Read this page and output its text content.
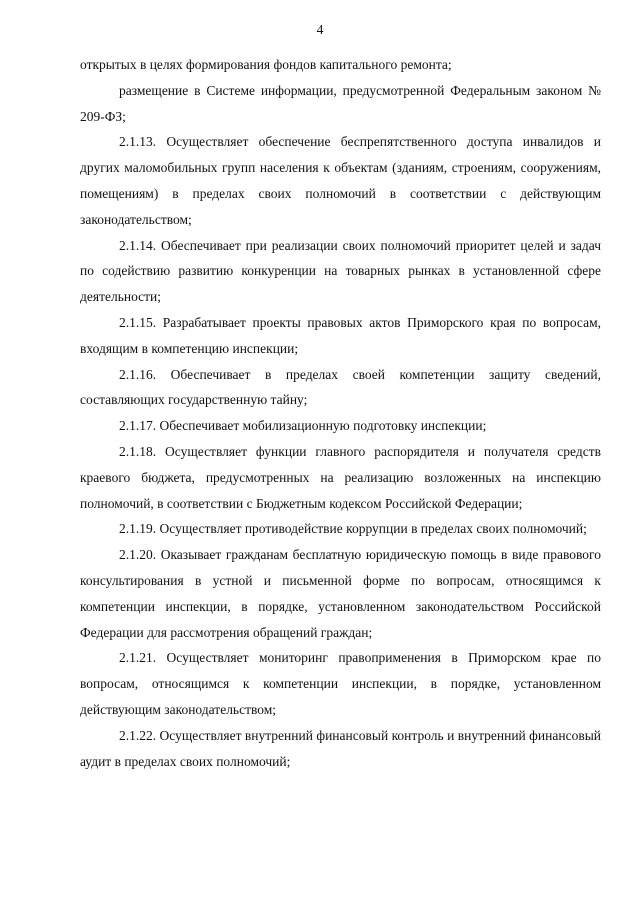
4

открытых в целях формирования фондов капитального ремонта;

размещение в Системе информации, предусмотренной Федеральным законом № 209-ФЗ;

2.1.13. Осуществляет обеспечение беспрепятственного доступа инвалидов и других маломобильных групп населения к объектам (зданиям, строениям, сооружениям, помещениям) в пределах своих полномочий в соответствии с действующим законодательством;

2.1.14. Обеспечивает при реализации своих полномочий приоритет целей и задач по содействию развитию конкуренции на товарных рынках в установленной сфере деятельности;

2.1.15. Разрабатывает проекты правовых актов Приморского края по вопросам, входящим в компетенцию инспекции;

2.1.16. Обеспечивает в пределах своей компетенции защиту сведений, составляющих государственную тайну;

2.1.17. Обеспечивает мобилизационную подготовку инспекции;

2.1.18. Осуществляет функции главного распорядителя и получателя средств краевого бюджета, предусмотренных на реализацию возложенных на инспекцию полномочий, в соответствии с Бюджетным кодексом Российской Федерации;

2.1.19. Осуществляет противодействие коррупции в пределах своих полномочий;

2.1.20. Оказывает гражданам бесплатную юридическую помощь в виде правового консультирования в устной и письменной форме по вопросам, относящимся к компетенции инспекции, в порядке, установленном законодательством Российской Федерации для рассмотрения обращений граждан;

2.1.21. Осуществляет мониторинг правоприменения в Приморском крае по вопросам, относящимся к компетенции инспекции, в порядке, установленном действующим законодательством;

2.1.22. Осуществляет внутренний финансовый контроль и внутренний финансовый аудит в пределах своих полномочий;
